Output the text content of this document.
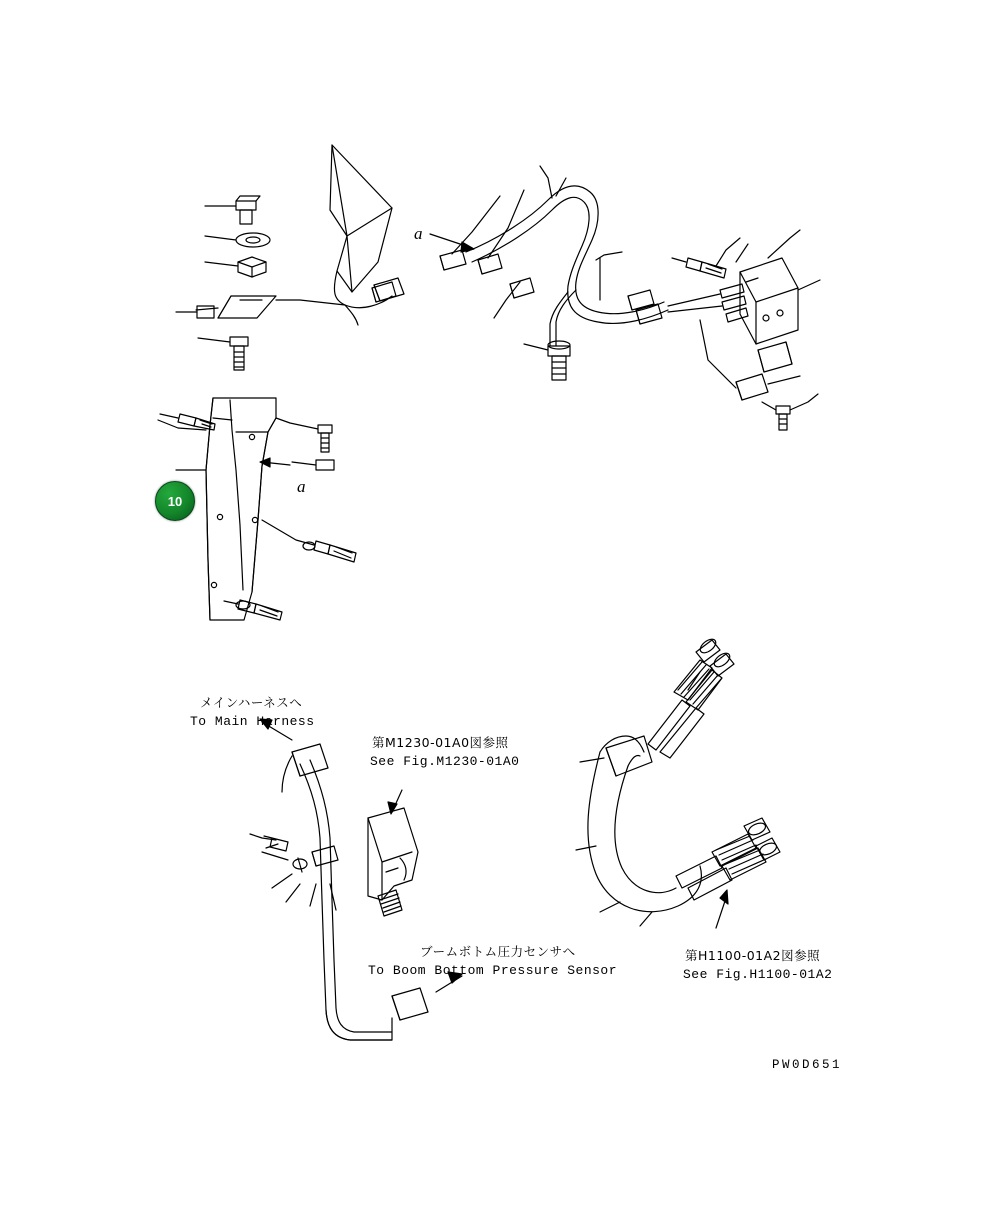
10
a
a
メインハーネスへ
To Main Harness
第M1230-01A0図参照
See Fig.M1230-01A0
ブームボトム圧力センサへ
To Boom Bottom Pressure Sensor
第H1100-01A2図参照
See Fig.H1100-01A2
PW0D651
